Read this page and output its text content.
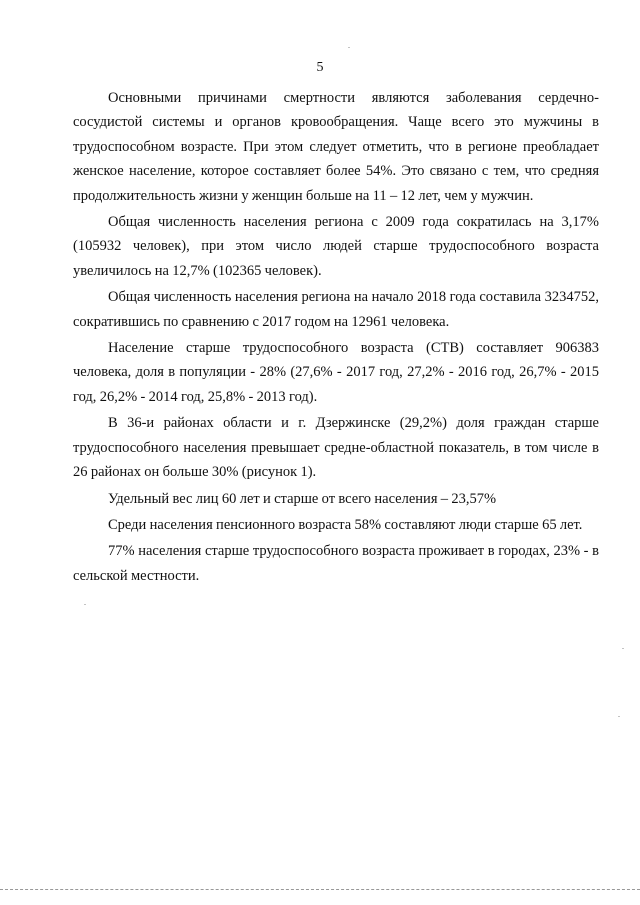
5

Основными причинами смертности являются заболевания сердечно-сосудистой системы и органов кровообращения. Чаще всего это мужчины в трудоспособном возрасте. При этом следует отметить, что в регионе преобладает женское население, которое составляет более 54%. Это связано с тем, что средняя продолжительность жизни у женщин больше на 11 – 12 лет, чем у мужчин.

Общая численность населения региона с 2009 года сократилась на 3,17% (105932 человек), при этом число людей старше трудоспособного возраста увеличилось на 12,7% (102365 человек).

Общая численность населения региона на начало 2018 года составила 3234752, сократившись по сравнению с 2017 годом на 12961 человека.

Население старше трудоспособного возраста (СТВ) составляет 906383 человека, доля в популяции - 28% (27,6% - 2017 год, 27,2% - 2016 год, 26,7% - 2015 год, 26,2% - 2014 год, 25,8% - 2013 год).

В 36-и районах области и г. Дзержинске (29,2%) доля граждан старше трудоспособного населения превышает средне-областной показатель, в том числе в 26 районах он больше 30% (рисунок 1).

Удельный вес лиц 60 лет и старше от всего населения – 23,57%

Среди населения пенсионного возраста 58% составляют люди старше 65 лет.

77% населения старше трудоспособного возраста проживает в городах, 23% - в сельской местности.
